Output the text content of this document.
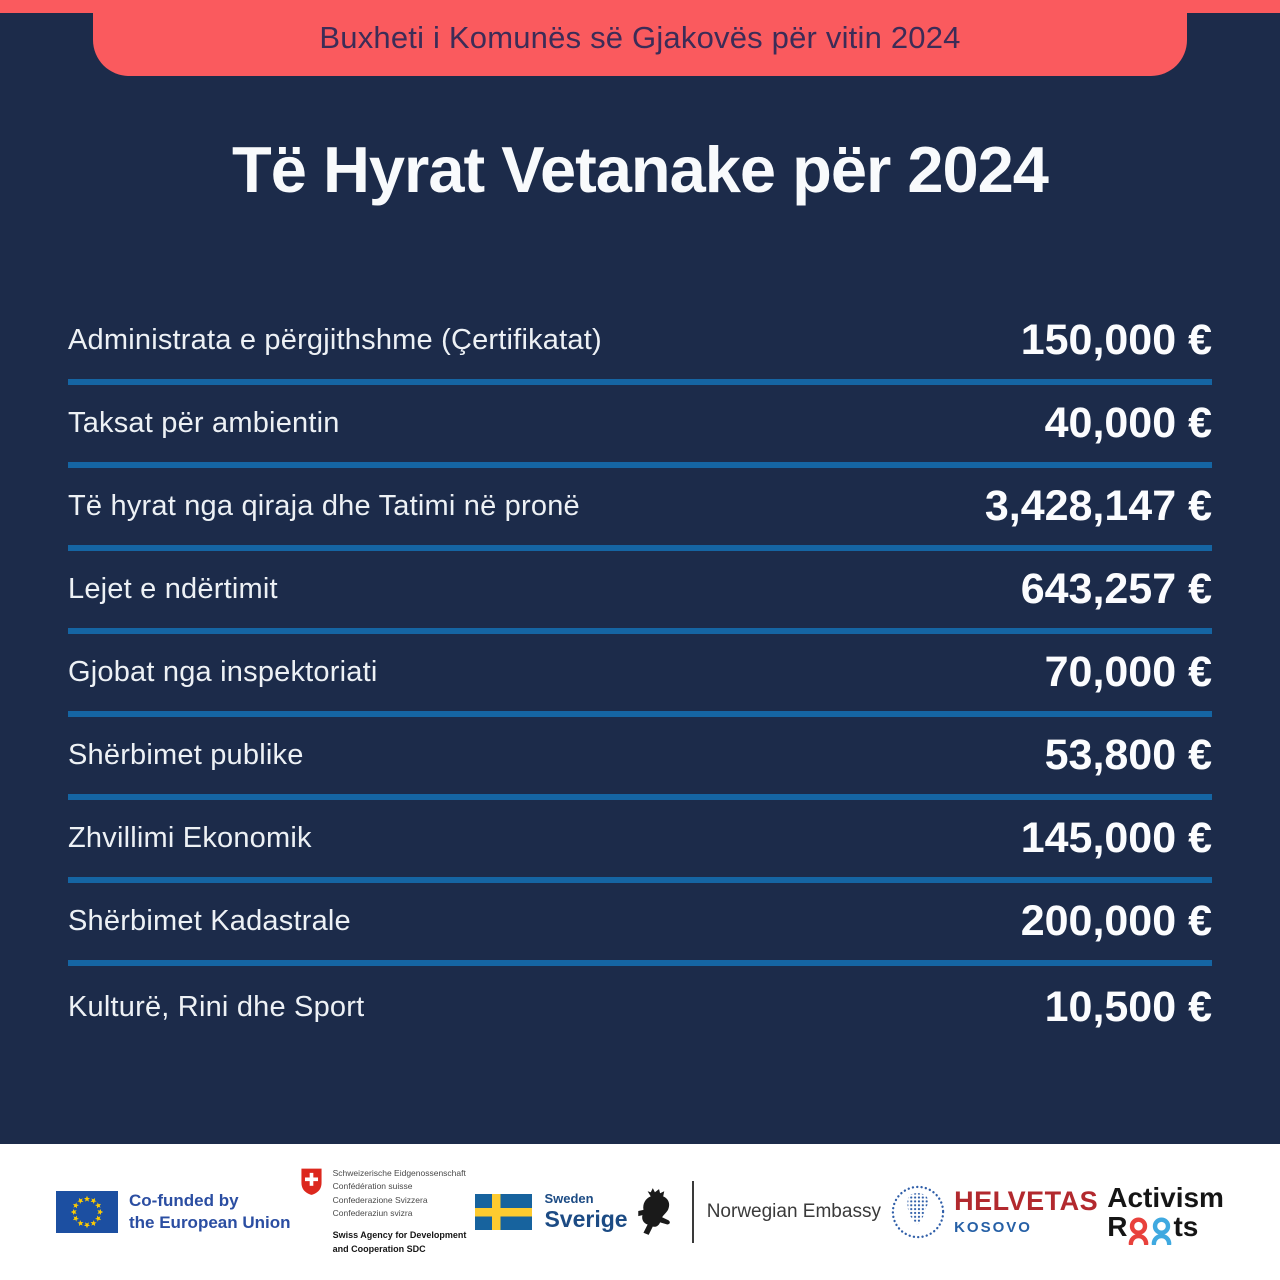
Buxheti i Komunës së Gjakovës për vitin 2024
Të Hyrat Vetanake për 2024
Administrata e përgjithshme (Çertifikatat)	150,000 €
Taksat për ambientin	40,000 €
Të hyrat nga qiraja dhe Tatimi në pronë	3,428,147 €
Lejet e ndërtimit	643,257 €
Gjobat nga inspektoriati	70,000 €
Shërbimet publike	53,800 €
Zhvillimi Ekonomik	145,000 €
Shërbimet Kadastrale	200,000 €
Kulturë, Rini dhe Sport	10,500 €
Co-funded by
the European Union
Schweizerische Eidgenossenschaft
Confédération suisse
Confederazione Svizzera
Confederaziun svizra
Swiss Agency for Development
and Cooperation SDC
Sweden
Sverige	Norwegian Embassy	HELVETAS
KOSOVO
Activism
R ts
